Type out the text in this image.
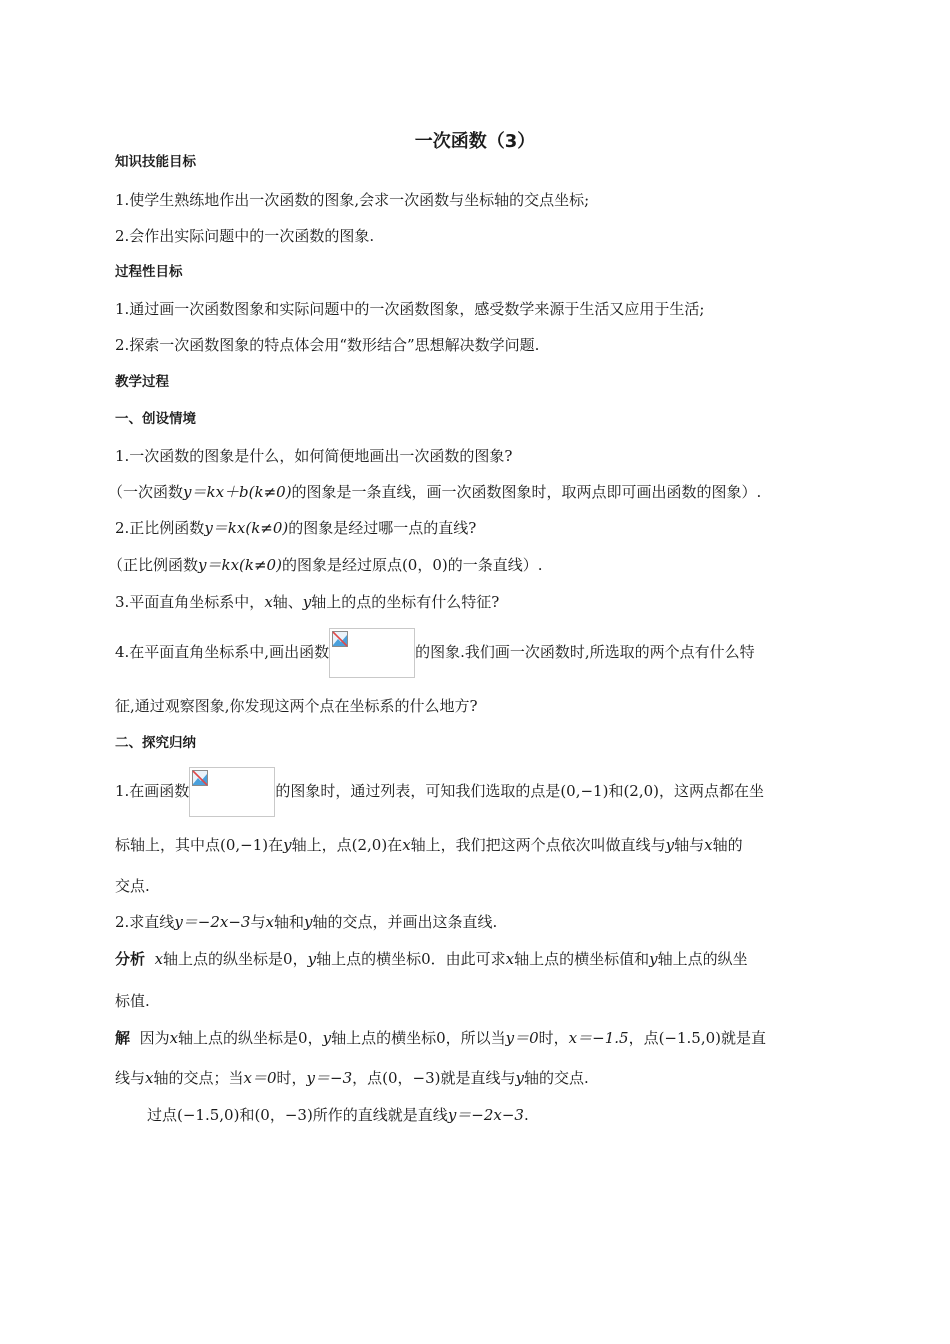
一次函数（3）
知识技能目标
1.使学生熟练地作出一次函数的图象,会求一次函数与坐标轴的交点坐标;
2.会作出实际问题中的一次函数的图象.
过程性目标
1.通过画一次函数图象和实际问题中的一次函数图象，感受数学来源于生活又应用于生活;
2.探索一次函数图象的特点体会用“数形结合”思想解决数学问题.
教学过程
一、创设情境
1.一次函数的图象是什么，如何简便地画出一次函数的图象?
（一次函数y＝kx＋b(k≠0)的图象是一条直线，画一次函数图象时，取两点即可画出函数的图象）.
2.正比例函数y＝kx(k≠0)的图象是经过哪一点的直线?
（正比例函数y＝kx(k≠0)的图象是经过原点(0，0)的一条直线）.
3.平面直角坐标系中，x轴、y轴上的点的坐标有什么特征?
4.在平面直角坐标系中,画出函数	的图象.我们画一次函数时,所选取的两个点有什么特
征,通过观察图象,你发现这两个点在坐标系的什么地方?
二、探究归纳
1.在画函数	的图象时，通过列表，可知我们选取的点是(0,−1)和(2,0)，这两点都在坐
标轴上，其中点(0,−1)在y轴上，点(2,0)在x轴上，我们把这两个点依次叫做直线与y轴与x轴的
交点.
2.求直线y＝−2x−3与x轴和y轴的交点，并画出这条直线.
分析 x轴上点的纵坐标是0，y轴上点的横坐标0．由此可求x轴上点的横坐标值和y轴上点的纵坐
标值.
解 因为x轴上点的纵坐标是0，y轴上点的横坐标0，所以当y＝0时，x＝−1.5，点(−1.5,0)就是直
线与x轴的交点；当x＝0时，y＝−3，点(0，−3)就是直线与y轴的交点.
过点(−1.5,0)和(0，−3)所作的直线就是直线y＝−2x−3.
